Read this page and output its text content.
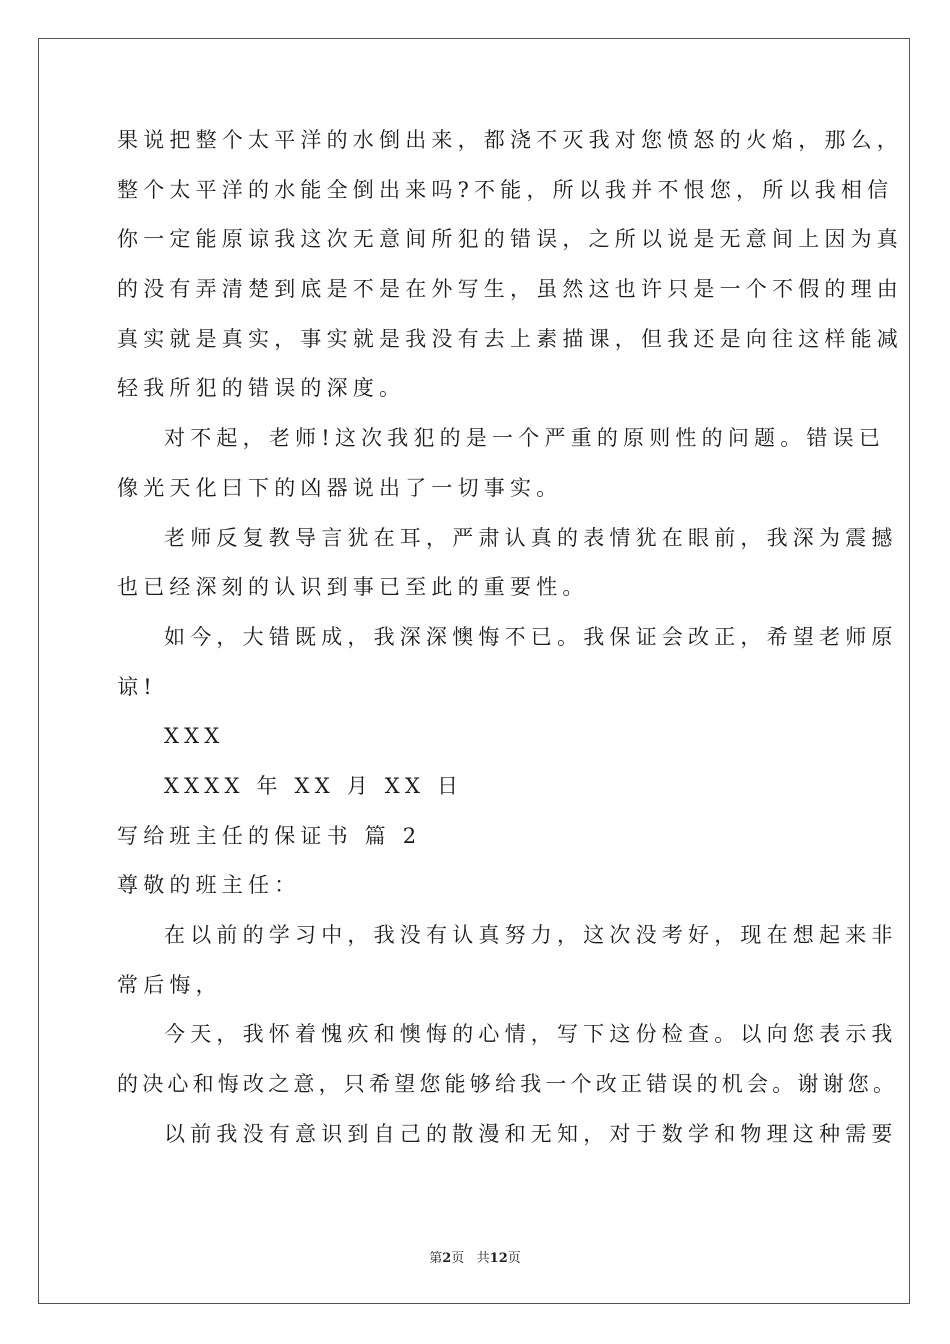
果说把整个太平洋的水倒出来，都浇不灭我对您愤怒的火焰，那么，
整个太平洋的水能全倒出来吗?不能，所以我并不恨您，所以我相信
你一定能原谅我这次无意间所犯的错误，之所以说是无意间上因为真
的没有弄清楚到底是不是在外写生，虽然这也许只是一个不假的理由
真实就是真实，事实就是我没有去上素描课，但我还是向往这样能减
轻我所犯的错误的深度。
对不起，老师!这次我犯的是一个严重的原则性的问题。错误已
像光天化曰下的凶器说出了一切事实。
老师反复教导言犹在耳，严肃认真的表情犹在眼前，我深为震撼
也已经深刻的认识到事已至此的重要性。
如今，大错既成，我深深懊悔不已。我保证会改正，希望老师原
谅!
XXX
XXXX 年 XX 月 XX 日
写给班主任的保证书 篇 2
尊敬的班主任：
在以前的学习中，我没有认真努力，这次没考好，现在想起来非
常后悔，
今天，我怀着愧疚和懊悔的心情，写下这份检查。以向您表示我
的决心和悔改之意，只希望您能够给我一个改正错误的机会。谢谢您。
以前我没有意识到自己的散漫和无知，对于数学和物理这种需要
第2页   共12页
